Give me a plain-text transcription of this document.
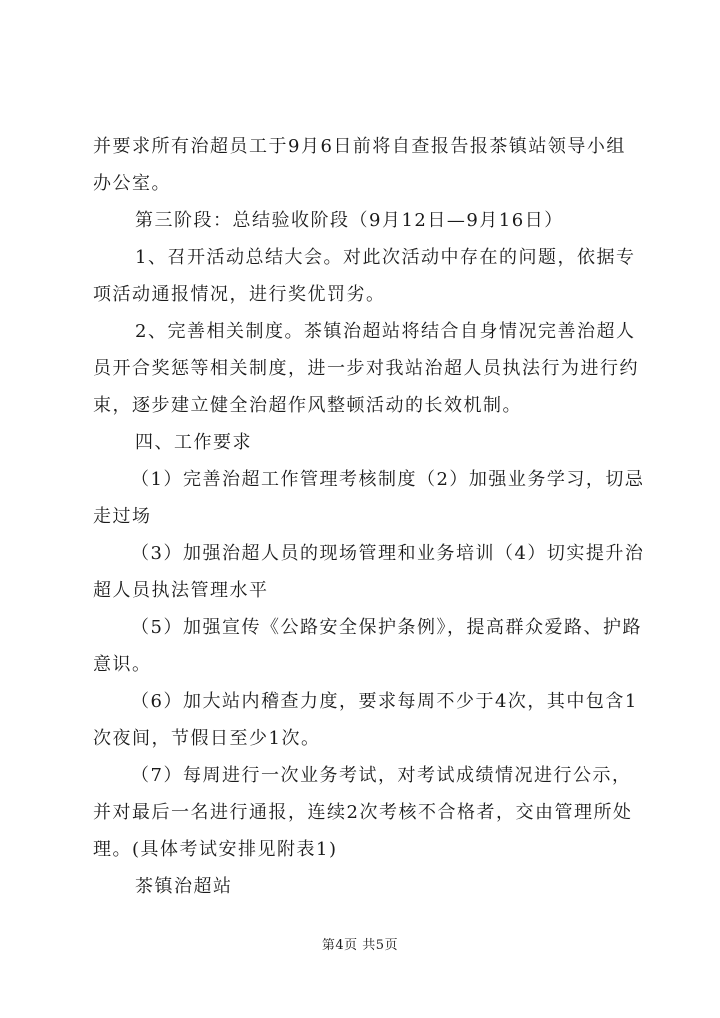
并要求所有治超员工于9月6日前将自查报告报茶镇站领导小组
办公室。
第三阶段：总结验收阶段（9月12日—9月16日）
1、召开活动总结大会。对此次活动中存在的问题，依据专
项活动通报情况，进行奖优罚劣。
2、完善相关制度。茶镇治超站将结合自身情况完善治超人
员开合奖惩等相关制度，进一步对我站治超人员执法行为进行约
束，逐步建立健全治超作风整顿活动的长效机制。
四、工作要求
（1）完善治超工作管理考核制度（2）加强业务学习，切忌
走过场
（3）加强治超人员的现场管理和业务培训（4）切实提升治
超人员执法管理水平
（5）加强宣传《公路安全保护条例》，提高群众爱路、护路
意识。
（6）加大站内稽查力度，要求每周不少于4次，其中包含1
次夜间，节假日至少1次。
（7）每周进行一次业务考试，对考试成绩情况进行公示，
并对最后一名进行通报，连续2次考核不合格者，交由管理所处
理。(具体考试安排见附表1)
茶镇治超站
第4页 共5页
